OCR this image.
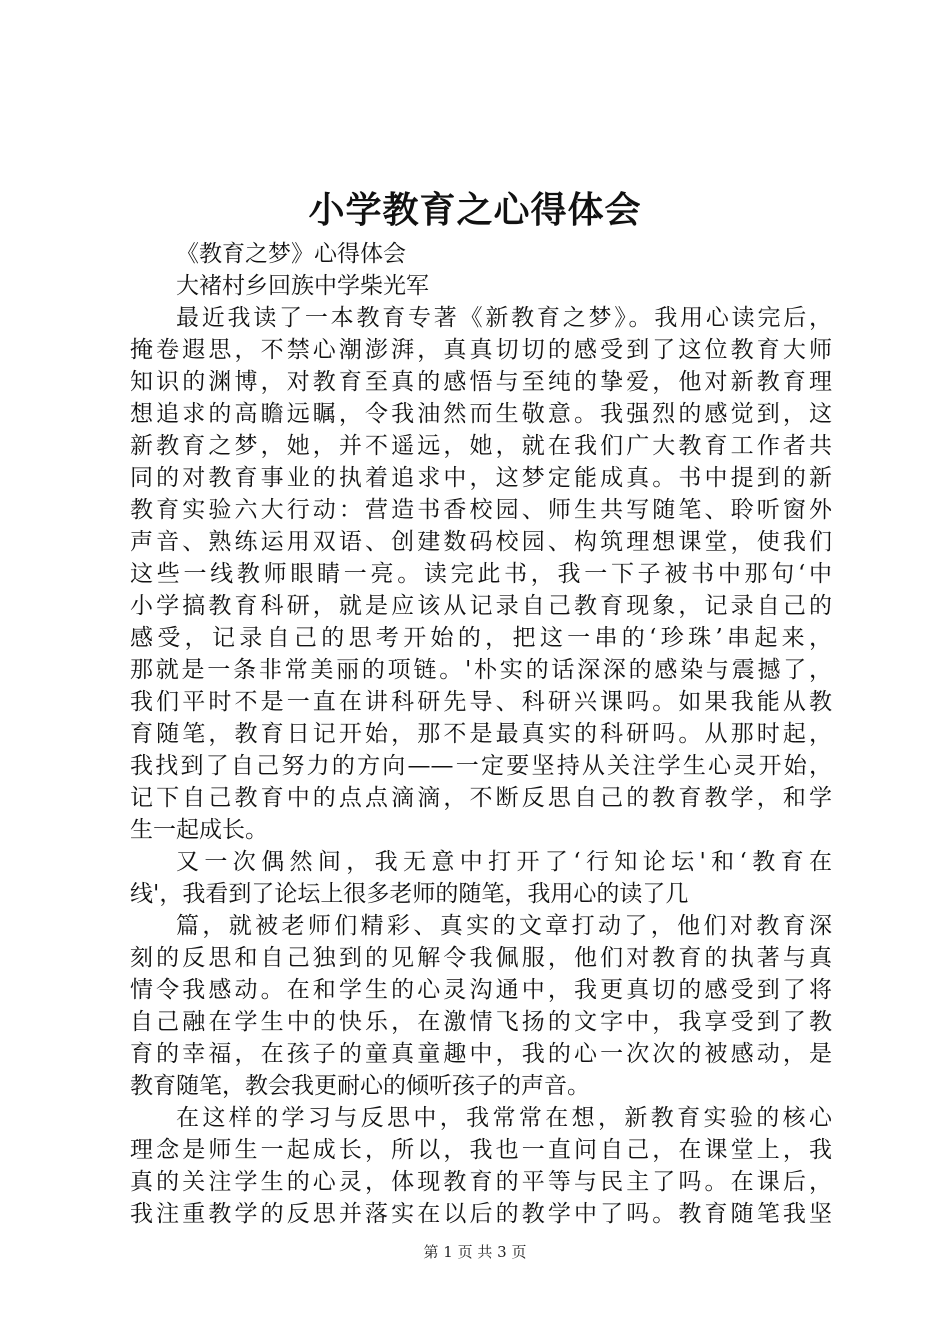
小学教育之心得体会
《教育之梦》心得体会
大褚村乡回族中学柴光军
最近我读了一本教育专著《新教育之梦》。我用心读完后，
掩卷遐思，不禁心潮澎湃，真真切切的感受到了这位教育大师
知识的渊博，对教育至真的感悟与至纯的挚爱，他对新教育理
想追求的高瞻远瞩，令我油然而生敬意。我强烈的感觉到，这
新教育之梦，她，并不遥远，她，就在我们广大教育工作者共
同的对教育事业的执着追求中，这梦定能成真。书中提到的新
教育实验六大行动：营造书香校园、师生共写随笔、聆听窗外
声音、熟练运用双语、创建数码校园、构筑理想课堂，使我们
这些一线教师眼睛一亮。读完此书，我一下子被书中那句‘中
小学搞教育科研，就是应该从记录自己教育现象，记录自己的
感受，记录自己的思考开始的，把这一串的‘珍珠’串起来，
那就是一条非常美丽的项链。'朴实的话深深的感染与震撼了，
我们平时不是一直在讲科研先导、科研兴课吗。如果我能从教
育随笔，教育日记开始，那不是最真实的科研吗。从那时起，
我找到了自己努力的方向——一定要坚持从关注学生心灵开始，
记下自己教育中的点点滴滴，不断反思自己的教育教学，和学
生一起成长。
又一次偶然间，我无意中打开了‘行知论坛'和‘教育在
线'，我看到了论坛上很多老师的随笔，我用心的读了几
篇，就被老师们精彩、真实的文章打动了，他们对教育深
刻的反思和自己独到的见解令我佩服，他们对教育的执著与真
情令我感动。在和学生的心灵沟通中，我更真切的感受到了将
自己融在学生中的快乐，在激情飞扬的文字中，我享受到了教
育的幸福，在孩子的童真童趣中，我的心一次次的被感动，是
教育随笔，教会我更耐心的倾听孩子的声音。
在这样的学习与反思中，我常常在想，新教育实验的核心
理念是师生一起成长，所以，我也一直问自己，在课堂上，我
真的关注学生的心灵，体现教育的平等与民主了吗。在课后，
我注重教学的反思并落实在以后的教学中了吗。教育随笔我坚
第 1 页 共 3 页
